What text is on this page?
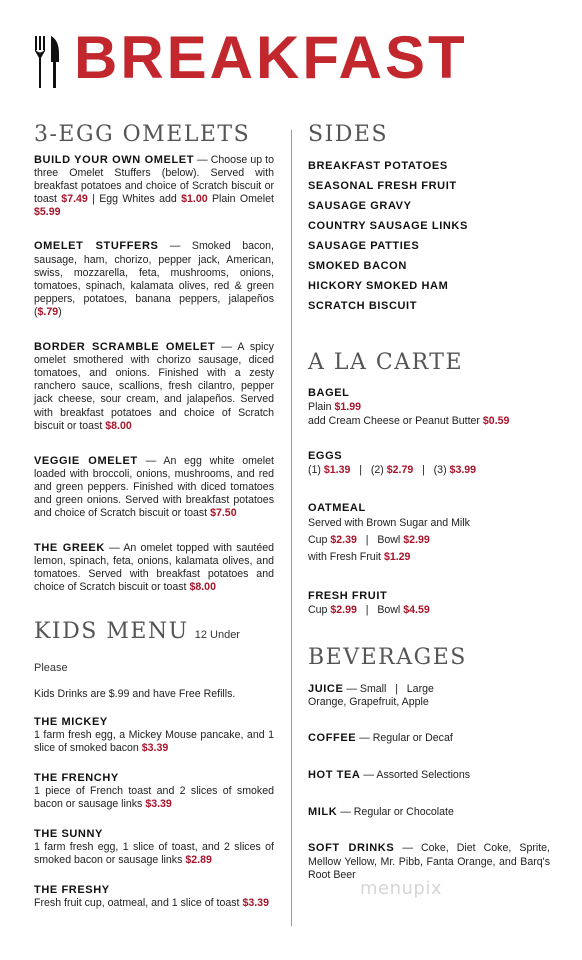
BREAKFAST
3-EGG OMELETS

BUILD YOUR OWN OMELET — Choose up to three Omelet Stuffers (below). Served with breakfast potatoes and choice of Scratch biscuit or toast $7.49 | Egg Whites add $1.00 Plain Omelet $5.99

OMELET STUFFERS — Smoked bacon, sausage, ham, chorizo, pepper jack, American, swiss, mozzarella, feta, mushrooms, onions, tomatoes, spinach, kalamata olives, red & green peppers, potatoes, banana peppers, jalapeños ($.79)

BORDER SCRAMBLE OMELET — A spicy omelet smothered with chorizo sausage, diced tomatoes, and onions. Finished with a zesty ranchero sauce, scallions, fresh cilantro, pepper jack cheese, sour cream, and jalapeños. Served with breakfast potatoes and choice of Scratch biscuit or toast $8.00

VEGGIE OMELET — An egg white omelet loaded with broccoli, onions, mushrooms, and red and green peppers. Finished with diced tomatoes and green onions. Served with breakfast potatoes and choice of Scratch biscuit or toast $7.50

THE GREEK — An omelet topped with sautéed lemon, spinach, feta, onions, kalamata olives, and tomatoes. Served with breakfast potatoes and choice of Scratch biscuit or toast $8.00

KIDS MENU 12 Under Please

Kids Drinks are $.99 and have Free Refills.

THE MICKEY
1 farm fresh egg, a Mickey Mouse pancake, and 1 slice of smoked bacon $3.39

THE FRENCHY
1 piece of French toast and 2 slices of smoked bacon or sausage links $3.39

THE SUNNY
1 farm fresh egg, 1 slice of toast, and 2 slices of smoked bacon or sausage links $2.89

THE FRESHY
Fresh fruit cup, oatmeal, and 1 slice of toast $3.39

SIDES
BREAKFAST POTATOES
SEASONAL FRESH FRUIT
SAUSAGE GRAVY
COUNTRY SAUSAGE LINKS
SAUSAGE PATTIES
SMOKED BACON
HICKORY SMOKED HAM
SCRATCH BISCUIT
A LA CARTE
BAGEL
Plain $1.99
add Cream Cheese or Peanut Butter $0.59
EGGS
(1) $1.39   |   (2) $2.79   |   (3) $3.99
OATMEAL
Served with Brown Sugar and Milk
Cup $2.39   |   Bowl $2.99
with Fresh Fruit $1.29
FRESH FRUIT
Cup $2.99   |   Bowl $4.59
BEVERAGES
JUICE — Small   |   Large
Orange, Grapefruit, Apple
COFFEE — Regular or Decaf
HOT TEA — Assorted Selections
MILK — Regular or Chocolate
SOFT DRINKS — Coke, Diet Coke, Sprite, Mellow Yellow, Mr. Pibb, Fanta Orange, and Barq's Root Beer
menupix
